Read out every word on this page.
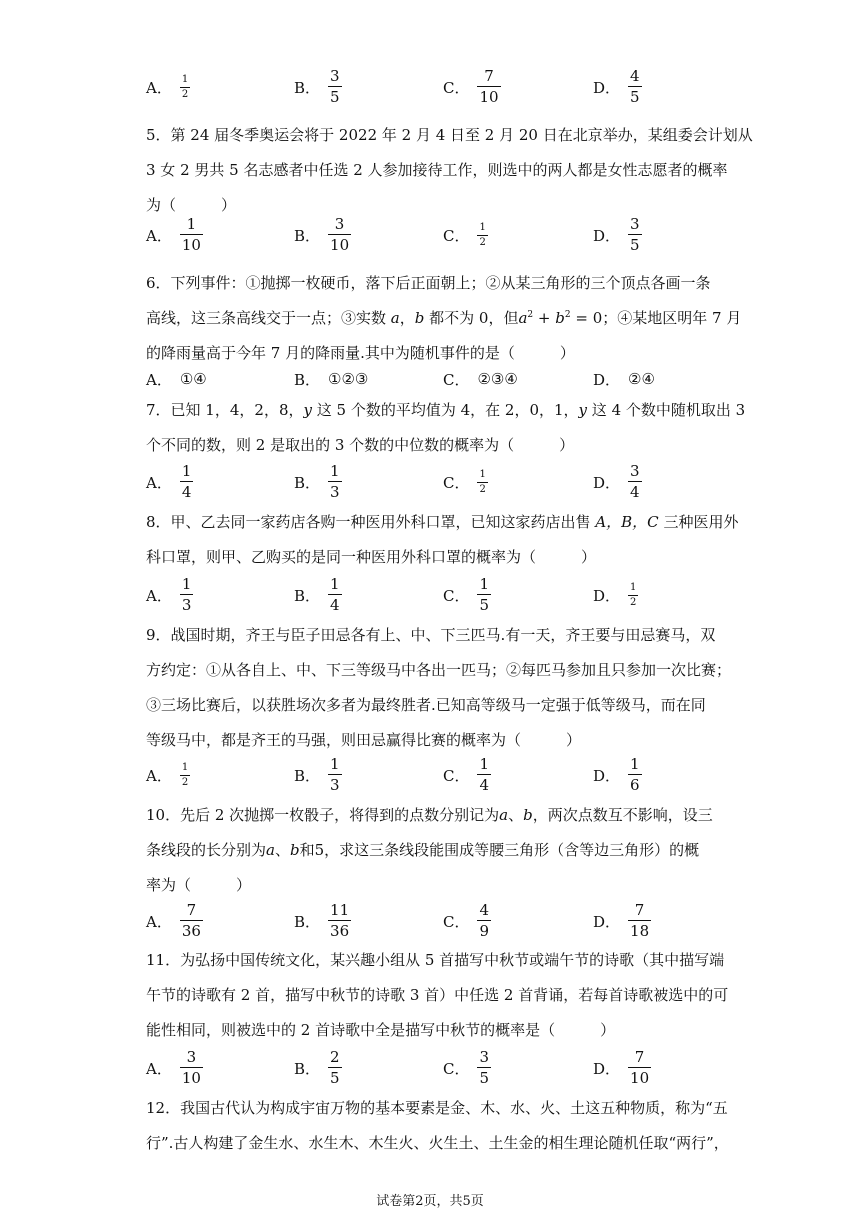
A． $\frac{1}{2}$	B． $\frac{3}{5}$	C． $\frac{7}{10}$	D． $\frac{4}{5}$
5．第 24 届冬季奥运会将于 2022 年 2 月 4 日至 2 月 20 日在北京举办，某组委会计划从
3 女 2 男共 5 名志感者中任选 2 人参加接待工作，则选中的两人都是女性志愿者的概率
为（　　　）
A． $\frac{1}{10}$	B． $\frac{3}{10}$	C． $\frac{1}{2}$	D． $\frac{3}{5}$
6．下列事件：①抛掷一枚硬币，落下后正面朝上；②从某三角形的三个顶点各画一条
高线，这三条高线交于一点；③实数 a，b 都不为 0，但$a^2 + b^2 = 0$；④某地区明年 7 月
的降雨量高于今年 7 月的降雨量.其中为随机事件的是（　　　）
A． ①④	B． ①②③	C． ②③④	D． ②④
7．已知 1，4，2，8，y 这 5 个数的平均值为 4，在 2，0，1，y 这 4 个数中随机取出 3
个不同的数，则 2 是取出的 3 个数的中位数的概率为（　　　）
A． $\frac{1}{4}$	B． $\frac{1}{3}$	C． $\frac{1}{2}$	D． $\frac{3}{4}$
8．甲、乙去同一家药店各购一种医用外科口罩，已知这家药店出售 A，B，C 三种医用外
科口罩，则甲、乙购买的是同一种医用外科口罩的概率为（　　　）
A． $\frac{1}{3}$	B． $\frac{1}{4}$	C． $\frac{1}{5}$	D． $\frac{1}{2}$
9．战国时期，齐王与臣子田忌各有上、中、下三匹马.有一天，齐王要与田忌赛马，双
方约定：①从各自上、中、下三等级马中各出一匹马；②每匹马参加且只参加一次比赛；
③三场比赛后，以获胜场次多者为最终胜者.已知高等级马一定强于低等级马，而在同
等级马中，都是齐王的马强，则田忌赢得比赛的概率为（　　　）
A． $\frac{1}{2}$	B． $\frac{1}{3}$	C． $\frac{1}{4}$	D． $\frac{1}{6}$
10．先后 2 次抛掷一枚骰子，将得到的点数分别记为a、b，两次点数互不影响，设三
条线段的长分别为a、b和5，求这三条线段能围成等腰三角形（含等边三角形）的概
率为（　　　）
A． $\frac{7}{36}$	B． $\frac{11}{36}$	C． $\frac{4}{9}$	D． $\frac{7}{18}$
11．为弘扬中国传统文化，某兴趣小组从 5 首描写中秋节或端午节的诗歌（其中描写端
午节的诗歌有 2 首，描写中秋节的诗歌 3 首）中任选 2 首背诵，若每首诗歌被选中的可
能性相同，则被选中的 2 首诗歌中全是描写中秋节的概率是（　　　）
A． $\frac{3}{10}$	B． $\frac{2}{5}$	C． $\frac{3}{5}$	D． $\frac{7}{10}$
12．我国古代认为构成宇宙万物的基本要素是金、木、水、火、土这五种物质，称为“五
行”.古人构建了金生水、水生木、木生火、火生土、土生金的相生理论随机任取“两行”，
试卷第2页，共5页
